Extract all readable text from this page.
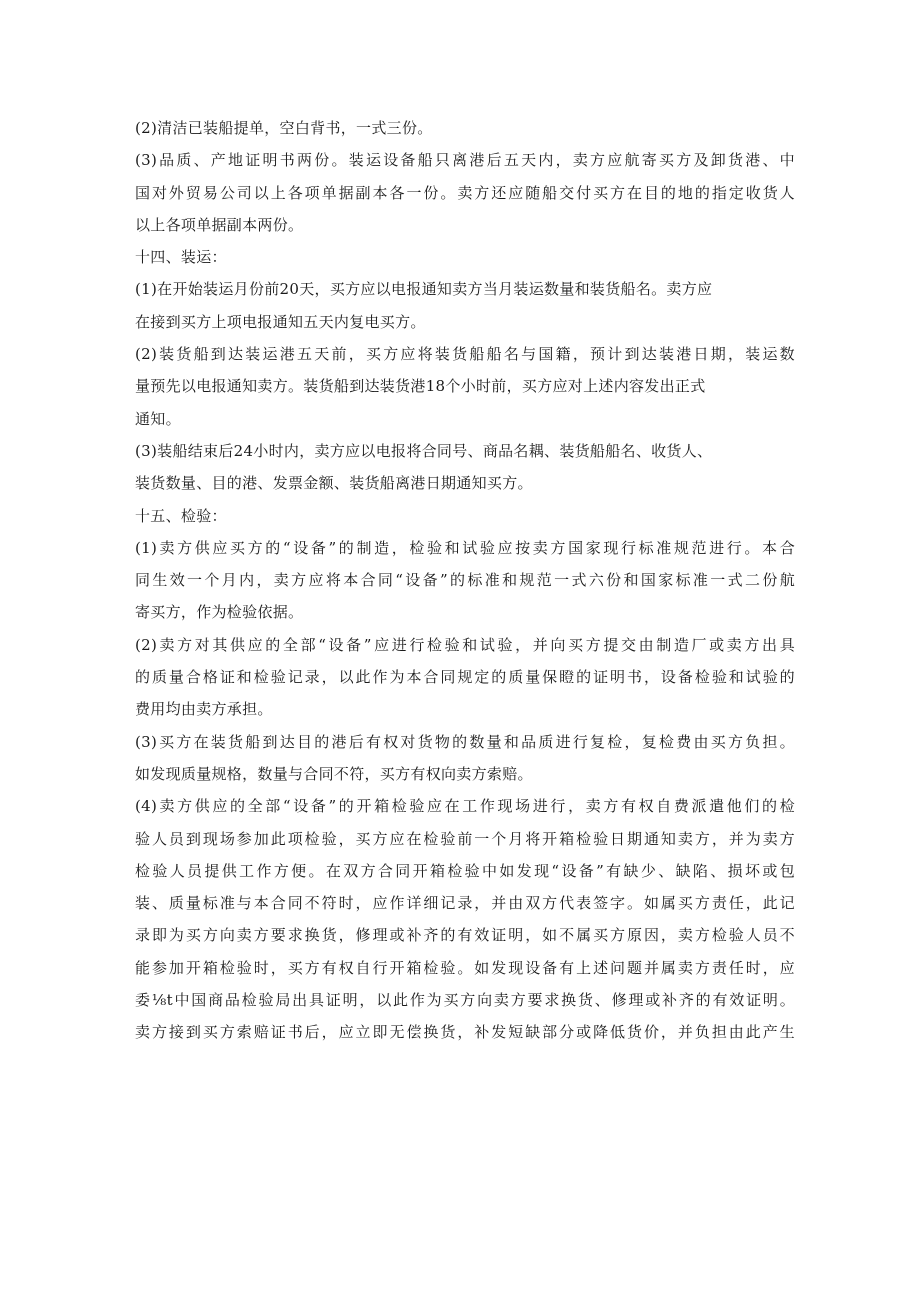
(2)清洁已装船提单，空白背书，一式三份。
(3)品质、产地证明书两份。装运设备船只离港后五天内，卖方应航寄买方及卸货港、中
国对外贸易公司以上各项单据副本各一份。卖方还应随船交付买方在目的地的指定收货人
以上各项单据副本两份。
十四、装运：
(1)在开始装运月份前20天，买方应以电报通知卖方当月装运数量和装货船名。卖方应
在接到买方上项电报通知五天内复电买方。
(2)装货船到达装运港五天前，买方应将装货船船名与国籍，预计到达装港日期，装运数
量预先以电报通知卖方。装货船到达装货港18个小时前，买方应对上述内容发出正式
通知。
(3)装船结束后24小时内，卖方应以电报将合同号、商品名耦、装货船船名、收货人、
装货数量、目的港、发票金额、装货船离港日期通知买方。
十五、检验：
(1)卖方供应买方的“设备”的制造，检验和试验应按卖方国家现行标准规范进行。本合
同生效一个月内，卖方应将本合同“设备”的标准和规范一式六份和国家标准一式二份航
寄买方，作为检验依据。
(2)卖方对其供应的全部“设备”应进行检验和试验，并向买方提交由制造厂或卖方出具
的质量合格证和检验记录，以此作为本合同规定的质量保瞪的证明书，设备检验和试验的
费用均由卖方承担。
(3)买方在装货船到达目的港后有权对货物的数量和品质进行复检，复检费由买方负担。
如发现质量规格，数量与合同不符，买方有权向卖方索赔。
(4)卖方供应的全部“设备”的开箱检验应在工作现场进行，卖方有权自费派遣他们的检
验人员到现场参加此项检验，买方应在检验前一个月将开箱检验日期通知卖方，并为卖方
检验人员提供工作方便。在双方合同开箱检验中如发现“设备”有缺少、缺陷、损坏或包
装、质量标准与本合同不符时，应作详细记录，并由双方代表签字。如属买方责任，此记
录即为买方向卖方要求换货，修理或补齐的有效证明，如不属买方原因，卖方检验人员不
能参加开箱检验时，买方有权自行开箱检验。如发现设备有上述问题并属卖方责任时，应
委⅛t中国商品检验局出具证明，以此作为买方向卖方要求换货、修理或补齐的有效证明。
卖方接到买方索赔证书后，应立即无偿换货，补发短缺部分或降低货价，并负担由此产生
